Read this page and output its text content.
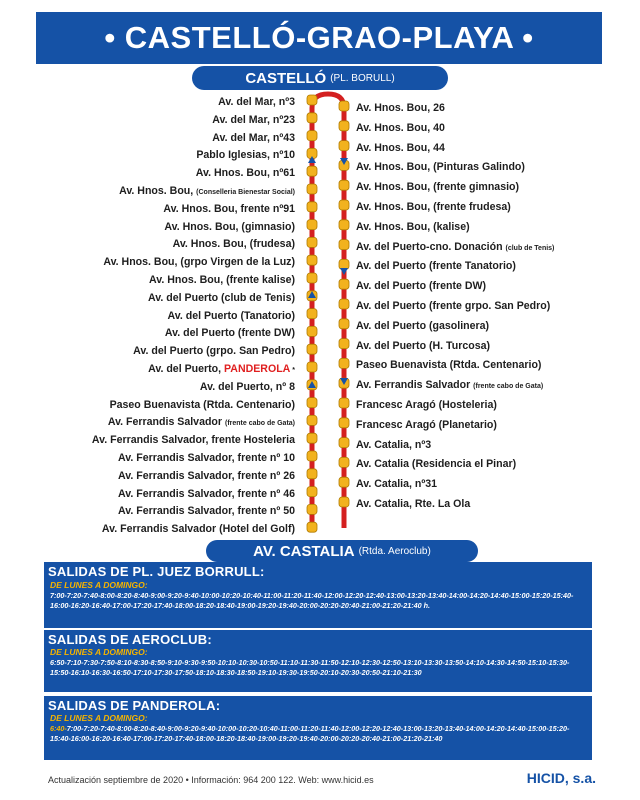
• CASTELLÓ-GRAO-PLAYA •
CASTELLÓ (PL. BORULL)
Av. del Mar, nº3
Av. del Mar, nº23
Av. del Mar, nº43
Pablo Iglesias, nº10
Av. Hnos. Bou, nº61
Av. Hnos. Bou, (Conselleria Bienestar Social)
Av. Hnos. Bou, frente nº91
Av. Hnos. Bou, (gimnasio)
Av. Hnos. Bou, (frudesa)
Av. Hnos. Bou, (grpo Virgen de la Luz)
Av. Hnos. Bou, (frente kalise)
Av. del Puerto (club de Tenis)
Av. del Puerto (Tanatorio)
Av. del Puerto (frente DW)
Av. del Puerto (grpo. San Pedro)
Av. del Puerto, PANDEROLA *
Av. del Puerto, nº 8
Paseo Buenavista (Rtda. Centenario)
Av. Ferrandis Salvador (frente cabo de Gata)
Av. Ferrandis Salvador, frente Hosteleria
Av. Ferrandis Salvador, frente nº 10
Av. Ferrandis Salvador, frente nº 26
Av. Ferrandis Salvador, frente nº 46
Av. Ferrandis Salvador, frente nº 50
Av. Ferrandis Salvador (Hotel del Golf)
Av. Hnos. Bou, 26
Av. Hnos. Bou, 40
Av. Hnos. Bou, 44
Av. Hnos. Bou, (Pinturas Galindo)
Av. Hnos. Bou, (frente gimnasio)
Av. Hnos. Bou, (frente frudesa)
Av. Hnos. Bou, (kalise)
Av. del Puerto-cno. Donación (club de Tenis)
Av. del Puerto (frente Tanatorio)
Av. del Puerto (frente DW)
Av. del Puerto (frente grpo. San Pedro)
Av. del Puerto (gasolinera)
Av. del Puerto (H. Turcosa)
Paseo Buenavista (Rtda. Centenario)
Av. Ferrandis Salvador (frente cabo de Gata)
Francesc Aragó (Hosteleria)
Francesc Aragó (Planetario)
Av. Catalia, nº3
Av. Catalia (Residencia el Pinar)
Av. Catalia, nº31
Av. Catalia, Rte. La Ola
AV. CASTALIA (Rtda. Aeroclub)
SALIDAS DE PL. JUEZ BORRULL:
DE LUNES A DOMINGO:
7:00-7:20-7:40-8:00-8:20-8:40-9:00-9:20-9:40-10:00-10:20-10:40-11:00-11:20-11:40-12:00-12:20-12:40-13:00-13:20-13:40-14:00-14:20-14:40-15:00-15:20-15:40-16:00-16:20-16:40-17:00-17:20-17:40-18:00-18:20-18:40-19:00-19:20-19:40-20:00-20:20-20:40-21:00-21:20-21:40 h.
SALIDAS DE AEROCLUB:
DE LUNES A DOMINGO:
6:50-7:10-7:30-7:50-8:10-8:30-8:50-9:10-9:30-9:50-10:10-10:30-10:50-11:10-11:30-11:50-12:10-12:30-12:50-13:10-13:30-13:50-14:10-14:30-14:50-15:10-15:30-15:50-16:10-16:30-16:50-17:10-17:30-17:50-18:10-18:30-18:50-19:10-19:30-19:50-20:10-20:30-20:50-21:10-21:30
SALIDAS DE PANDEROLA:
DE LUNES A DOMINGO:
6:40-7:00-7:20-7:40-8:00-8:20-8:40-9:00-9:20-9:40-10:00-10:20-10:40-11:00-11:20-11:40-12:00-12:20-12:40-13:00-13:20-13:40-14:00-14:20-14:40-15:00-15:20-15:40-16:00-16:20-16:40-17:00-17:20-17:40-18:00-18:20-18:40-19:00-19:20-19:40-20:00-20:20-20:40-21:00-21:20-21:40
Actualización septiembre de 2020 • Información: 964 200 122. Web: www.hicid.es	HICID, s.a.
